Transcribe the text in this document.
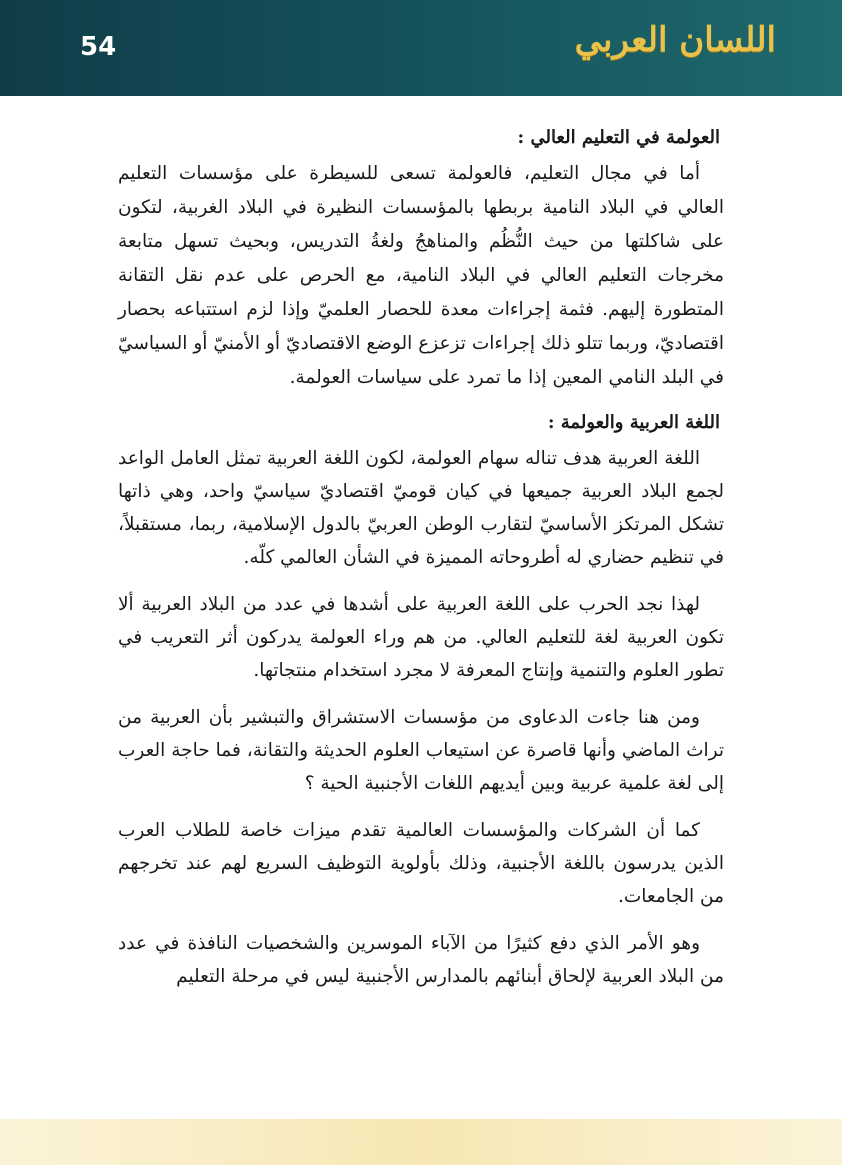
54	اللسان العربي
العولمة في التعليم العالي :

أما في مجال التعليم، فالعولمة تسعى للسيطرة على مؤسسات التعليم العالي في البلاد النامية بربطها بالمؤسسات النظيرة في البلاد الغربية، لتكون على شاكلتها من حيث النُّظُم والمناهجُ ولغةُ التدريس، وبحيث تسهل متابعة مخرجات التعليم العالي في البلاد النامية، مع الحرص على عدم نقل التقانة المتطورة إليهم. فثمة إجراءات معدة للحصار العلميّ وإذا لزم استتباعه بحصار اقتصاديّ، وربما تتلو ذلك إجراءات تزعزع الوضع الاقتصاديّ أو الأمنيّ أو السياسيّ في البلد النامي المعين إذا ما تمرد على سياسات العولمة.

اللغة العربية والعولمة :

اللغة العربية هدف تناله سهام العولمة، لكون اللغة العربية تمثل العامل الواعد لجمع البلاد العربية جميعها في كيان قوميّ اقتصاديّ سياسيّ واحد، وهي ذاتها تشكل المرتكز الأساسيّ لتقارب الوطن العربيّ بالدول الإسلامية، ربما، مستقبلاً، في تنظيم حضاري له أطروحاته المميزة في الشأن العالمي كلّه.

لهذا نجد الحرب على اللغة العربية على أشدها في عدد من البلاد العربية ألا تكون العربية لغة للتعليم العالي. من هم وراء العولمة يدركون أثر التعريب في تطور العلوم والتنمية وإنتاج المعرفة لا مجرد استخدام منتجاتها.

ومن هنا جاءت الدعاوى من مؤسسات الاستشراق والتبشير بأن العربية من تراث الماضي وأنها قاصرة عن استيعاب العلوم الحديثة والتقانة، فما حاجة العرب إلى لغة علمية عربية وبين أيديهم اللغات الأجنبية الحية ؟

كما أن الشركات والمؤسسات العالمية تقدم ميزات خاصة للطلاب العرب الذين يدرسون باللغة الأجنبية، وذلك بأولوية التوظيف السريع لهم عند تخرجهم من الجامعات.

وهو الأمر الذي دفع كثيرًا من الآباء الموسرين والشخصيات النافذة في عدد من البلاد العربية لإلحاق أبنائهم بالمدارس الأجنبية ليس في مرحلة التعليم
